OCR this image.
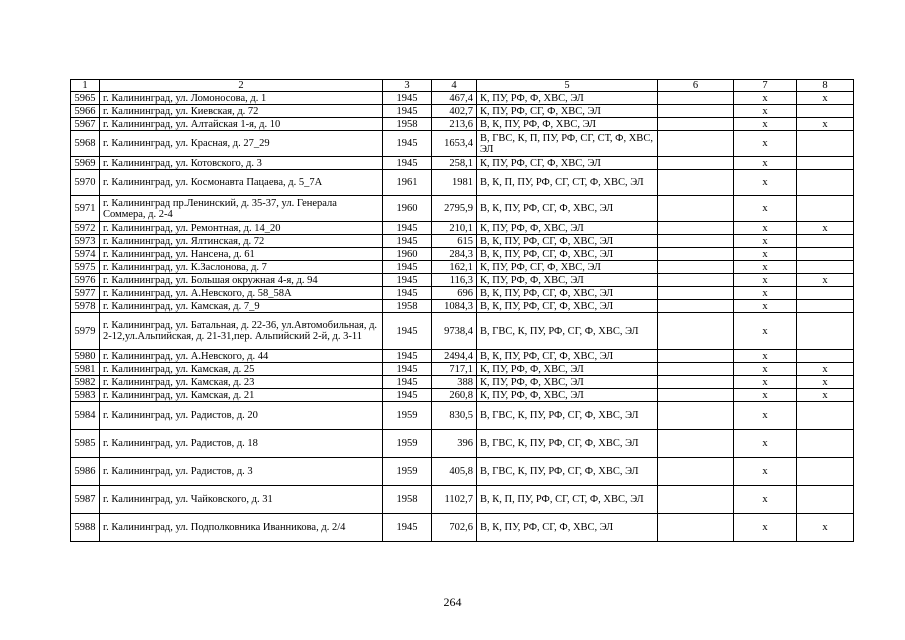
1	2	3	4	5	6	7	8
5965	г. Калининград, ул. Ломоносова, д. 1	1945	467,4	К, ПУ, РФ, Ф, ХВС, ЭЛ		x	x
5966	г. Калининград, ул. Киевская, д. 72	1945	402,7	К, ПУ, РФ, СГ, Ф, ХВС, ЭЛ		x	
5967	г. Калининград, ул. Алтайская 1-я, д. 10	1958	213,6	В, К, ПУ, РФ, Ф, ХВС, ЭЛ		x	x
5968	г. Калининград, ул. Красная, д. 27_29	1945	1653,4	В, ГВС, К, П, ПУ, РФ, СГ, СТ, Ф, ХВС, ЭЛ		x	
5969	г. Калининград, ул. Котовского, д. 3	1945	258,1	К, ПУ, РФ, СГ, Ф, ХВС, ЭЛ		x	
5970	г. Калининград, ул. Космонавта Пацаева, д. 5_7А	1961	1981	В, К, П, ПУ, РФ, СГ, СТ, Ф, ХВС, ЭЛ		x	
5971	г. Калининград пр.Ленинский, д. 35-37, ул. Генерала Соммера, д. 2-4	1960	2795,9	В, К, ПУ, РФ, СГ, Ф, ХВС, ЭЛ		x	
5972	г. Калининград, ул. Ремонтная, д. 14_20	1945	210,1	К, ПУ, РФ, Ф, ХВС, ЭЛ		x	x
5973	г. Калининград, ул. Ялтинская, д. 72	1945	615	В, К, ПУ, РФ, СГ, Ф, ХВС, ЭЛ		x	
5974	г. Калининград, ул. Нансена, д. 61	1960	284,3	В, К, ПУ, РФ, СГ, Ф, ХВС, ЭЛ		x	
5975	г. Калининград, ул. К.Заслонова, д. 7	1945	162,1	К, ПУ, РФ, СГ, Ф, ХВС, ЭЛ		x	
5976	г. Калининград, ул. Большая окружная 4-я, д. 94	1945	116,3	К, ПУ, РФ, Ф, ХВС, ЭЛ		x	x
5977	г. Калининград, ул. А.Невского, д. 58_58А	1945	696	В, К, ПУ, РФ, СГ, Ф, ХВС, ЭЛ		x	
5978	г. Калининград, ул. Камская, д. 7_9	1958	1084,3	В, К, ПУ, РФ, СГ, Ф, ХВС, ЭЛ		x	
5979	г. Калининград, ул. Батальная, д. 22-36, ул.Автомобильная, д. 2-12,ул.Альпийская, д. 21-31,пер. Альпийский 2-й, д. 3-11	1945	9738,4	В, ГВС, К, ПУ, РФ, СГ, Ф, ХВС, ЭЛ		x	
5980	г. Калининград, ул. А.Невского, д. 44	1945	2494,4	В, К, ПУ, РФ, СГ, Ф, ХВС, ЭЛ		x	
5981	г. Калининград, ул. Камская, д. 25	1945	717,1	К, ПУ, РФ, Ф, ХВС, ЭЛ		x	x
5982	г. Калининград, ул. Камская, д. 23	1945	388	К, ПУ, РФ, Ф, ХВС, ЭЛ		x	x
5983	г. Калининград, ул. Камская, д. 21	1945	260,8	К, ПУ, РФ, Ф, ХВС, ЭЛ		x	x
5984	г. Калининград, ул. Радистов, д. 20	1959	830,5	В, ГВС, К, ПУ, РФ, СГ, Ф, ХВС, ЭЛ		x	
5985	г. Калининград, ул. Радистов, д. 18	1959	396	В, ГВС, К, ПУ, РФ, СГ, Ф, ХВС, ЭЛ		x	
5986	г. Калининград, ул. Радистов, д. 3	1959	405,8	В, ГВС, К, ПУ, РФ, СГ, Ф, ХВС, ЭЛ		x	
5987	г. Калининград, ул. Чайковского, д. 31	1958	1102,7	В, К, П, ПУ, РФ, СГ, СТ, Ф, ХВС, ЭЛ		x	
5988	г. Калининград, ул. Подполковника Иванникова, д. 2/4	1945	702,6	В, К, ПУ, РФ, СГ, Ф, ХВС, ЭЛ		x	x
264
